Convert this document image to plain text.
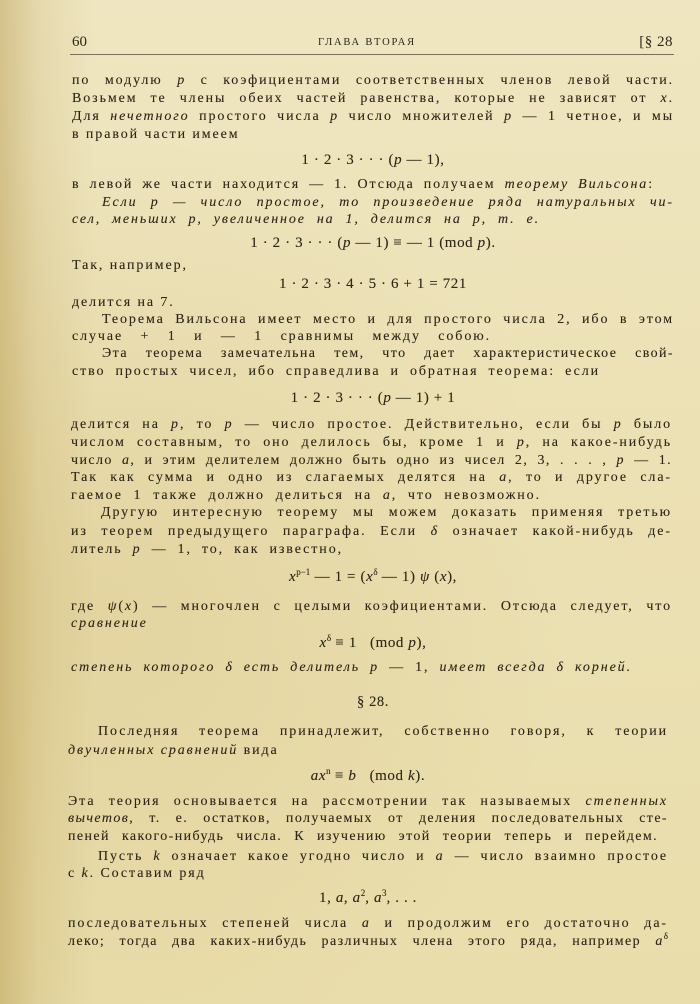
60	ГЛАВА ВТОРАЯ	[§ 28
по модулю p с коэфициентами соответственных членов левой части.
Возьмем те члены обеих частей равенства, которые не зависят от x.
Для нечетного простого числа p число множителей p — 1 четное, и мы
в правой части имеем
1 · 2 · 3 · · · (p — 1),
в левой же части находится — 1. Отсюда получаем теорему Вильсона:
Если p — число простое, то произведение ряда натуральных чи-
сел, меньших p, увеличенное на 1, делится на p, т. е.
1 · 2 · 3 · · · (p — 1) ≡ — 1 (mod p).
Так, например,
1 · 2 · 3 · 4 · 5 · 6 + 1 = 721
делится на 7.
Теорема Вильсона имеет место и для простого числа 2, ибо в этом
случае + 1 и — 1 сравнимы между собою.
Эта теорема замечательна тем, что дает характеристическое свой-
ство простых чисел, ибо справедлива и обратная теорема: если
1 · 2 · 3 · · · (p — 1) + 1
делится на p, то p — число простое. Действительно, если бы p было
числом составным, то оно делилось бы, кроме 1 и p, на какое-нибудь
число a, и этим делителем должно быть одно из чисел 2, 3, . . . , p — 1.
Так как сумма и одно из слагаемых делятся на a, то и другое сла-
гаемое 1 также должно делиться на a, что невозможно.
Другую интересную теорему мы можем доказать применяя третью
из теорем предыдущего параграфа. Если δ означает какой-нибудь де-
литель p — 1, то, как известно,
$x^{p-1}$ — $1 = (x^\delta$ — 1) ψ (x),
где ψ(x) — многочлен с целыми коэфициентами. Отсюда следует, что
сравнение
$x^\delta \equiv 1$   (mod p),
степень которого δ есть делитель p — 1, имеет всегда δ корней.
§ 28.
Последняя теорема принадлежит, собственно говоря, к теории
двучленных сравнений вида
$ax^n \equiv b$   (mod k).
Эта теория основывается на рассмотрении так называемых степенных
вычетов, т. е. остатков, получаемых от деления последовательных сте-
пеней какого-нибудь числа. К изучению этой теории теперь и перейдем.
Пусть k означает какое угодно число и a — число взаимно простое
с k. Составим ряд
1, a, $a^2$, $a^3$, . . .
последовательных степеней числа a и продолжим его достаточно да-
леко; тогда два каких-нибудь различных члена этого ряда, например $a^\delta$
